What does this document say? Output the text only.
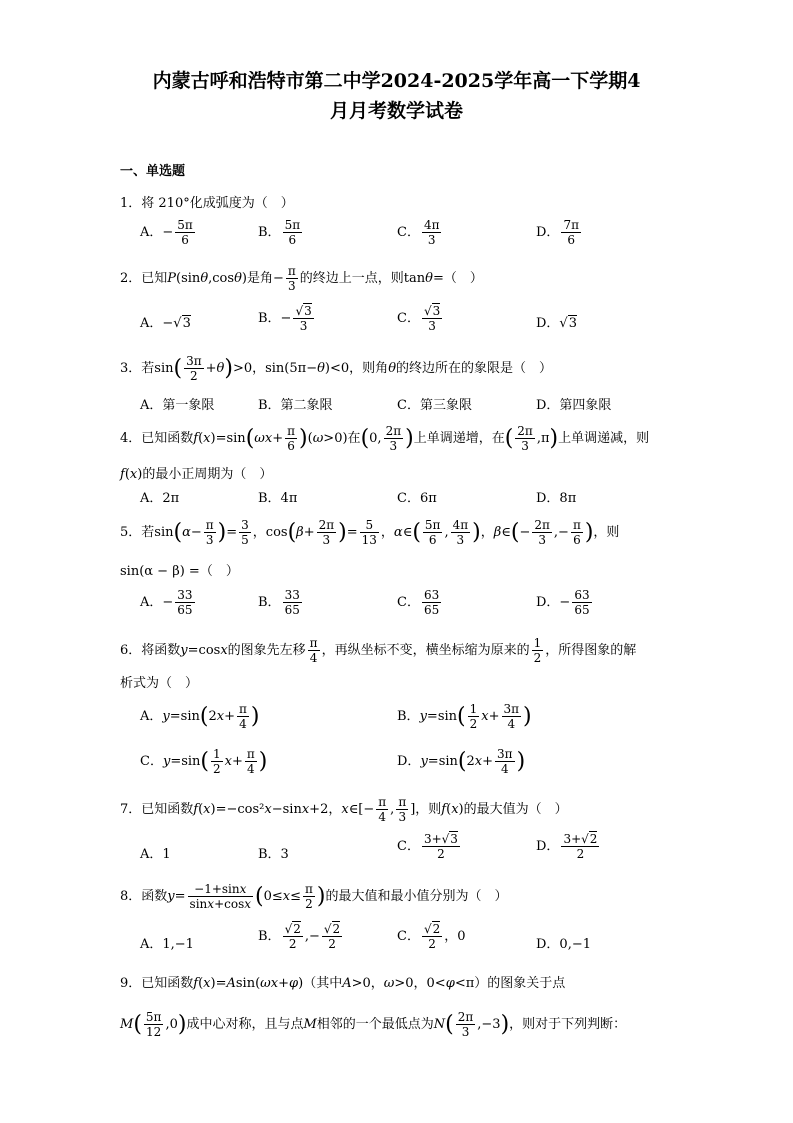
内蒙古呼和浩特市第二中学2024-2025学年高一下学期4
月月考数学试卷
一、单选题
1．将 210°化成弧度为（　）
A．− $\frac{5\pi}{6}$	B． $\frac{5\pi}{6}$	C． $\frac{4\pi}{3}$	D． $\frac{7\pi}{6}$
2．已知P(sinθ,cosθ)是角− $\frac{\pi}{3}$ 的终边上一点，则tanθ=（　）
A．−√3	B．− $\frac{√3}{3}$	C． $\frac{√3}{3}$	D．√3
3．若$\sin( \frac{3\pi}{2} +\theta)>0$，sin(5π−θ)<0，则角θ的终边所在的象限是（　）
A．第一象限	B．第二象限	C．第三象限	D．第四象限
4．已知函数$f(x)=\sin(\omega x+ \frac{\pi}{6} )(\omega>0)$在(0, $\frac{2\pi}{3}$ )上单调递增，在( $\frac{2\pi}{3} ,\pi$)上单调递减，则
f(x)的最小正周期为（　）
A．2π	B．4π	C．6π	D．8π
5．若$\sin(\alpha- \frac{\pi}{3}$ )= $\frac{3}{5}$ ，$\cos(\beta+ \frac{2\pi}{3}$ )= $\frac{5}{13}$ ，α∈( $\frac{5\pi}{6}$ , $\frac{4\pi}{3}$ )，β∈(− $\frac{2\pi}{3}$ ,− $\frac{\pi}{6}$ )，则
sin(α − β) =（　）
A．− $\frac{33}{65}$	B． $\frac{33}{65}$	C． $\frac{63}{65}$	D．− $\frac{63}{65}$
6．将函数y=cosx的图象先左移 $\frac{\pi}{4}$ ，再纵坐标不变，横坐标缩为原来的 $\frac{1}{2}$ ，所得图象的解
析式为（　）
A．$y=\sin(2x+ \frac{\pi}{4}$ )	B．$y=\sin( \frac{1}{2} x+ \frac{3\pi}{4}$ )
C．$y=\sin( \frac{1}{2} x+ \frac{\pi}{4}$ )	D．$y=\sin(2x+ \frac{3\pi}{4}$ )
7．已知函数f(x)=−cos²x−sinx+2，x∈[− $\frac{\pi}{4}$ , $\frac{\pi}{3}$ ]，则f(x)的最大值为（　）
A．1	B．3
C． $\frac{3+√3}{2}$	D． $\frac{3+√2}{2}$
8．函数$y= \frac{-1+\sin x}{\sin x+\cos x} (0\le x\le \frac{\pi}{2}$ )的最大值和最小值分别为（　）
A．1,−1
B． $\frac{√2}{2}$ ,− $\frac{√2}{2}$	C． $\frac{√2}{2}$ ，0
D．0,−1
9．已知函数f(x)=Asin(ωx+φ)（其中A>0，ω>0，0<φ<π）的图象关于点
$M( \frac{5\pi}{12} ,0)$成中心对称，且与点M相邻的一个最低点为$N( \frac{2\pi}{3} ,-3)$，则对于下列判断：
